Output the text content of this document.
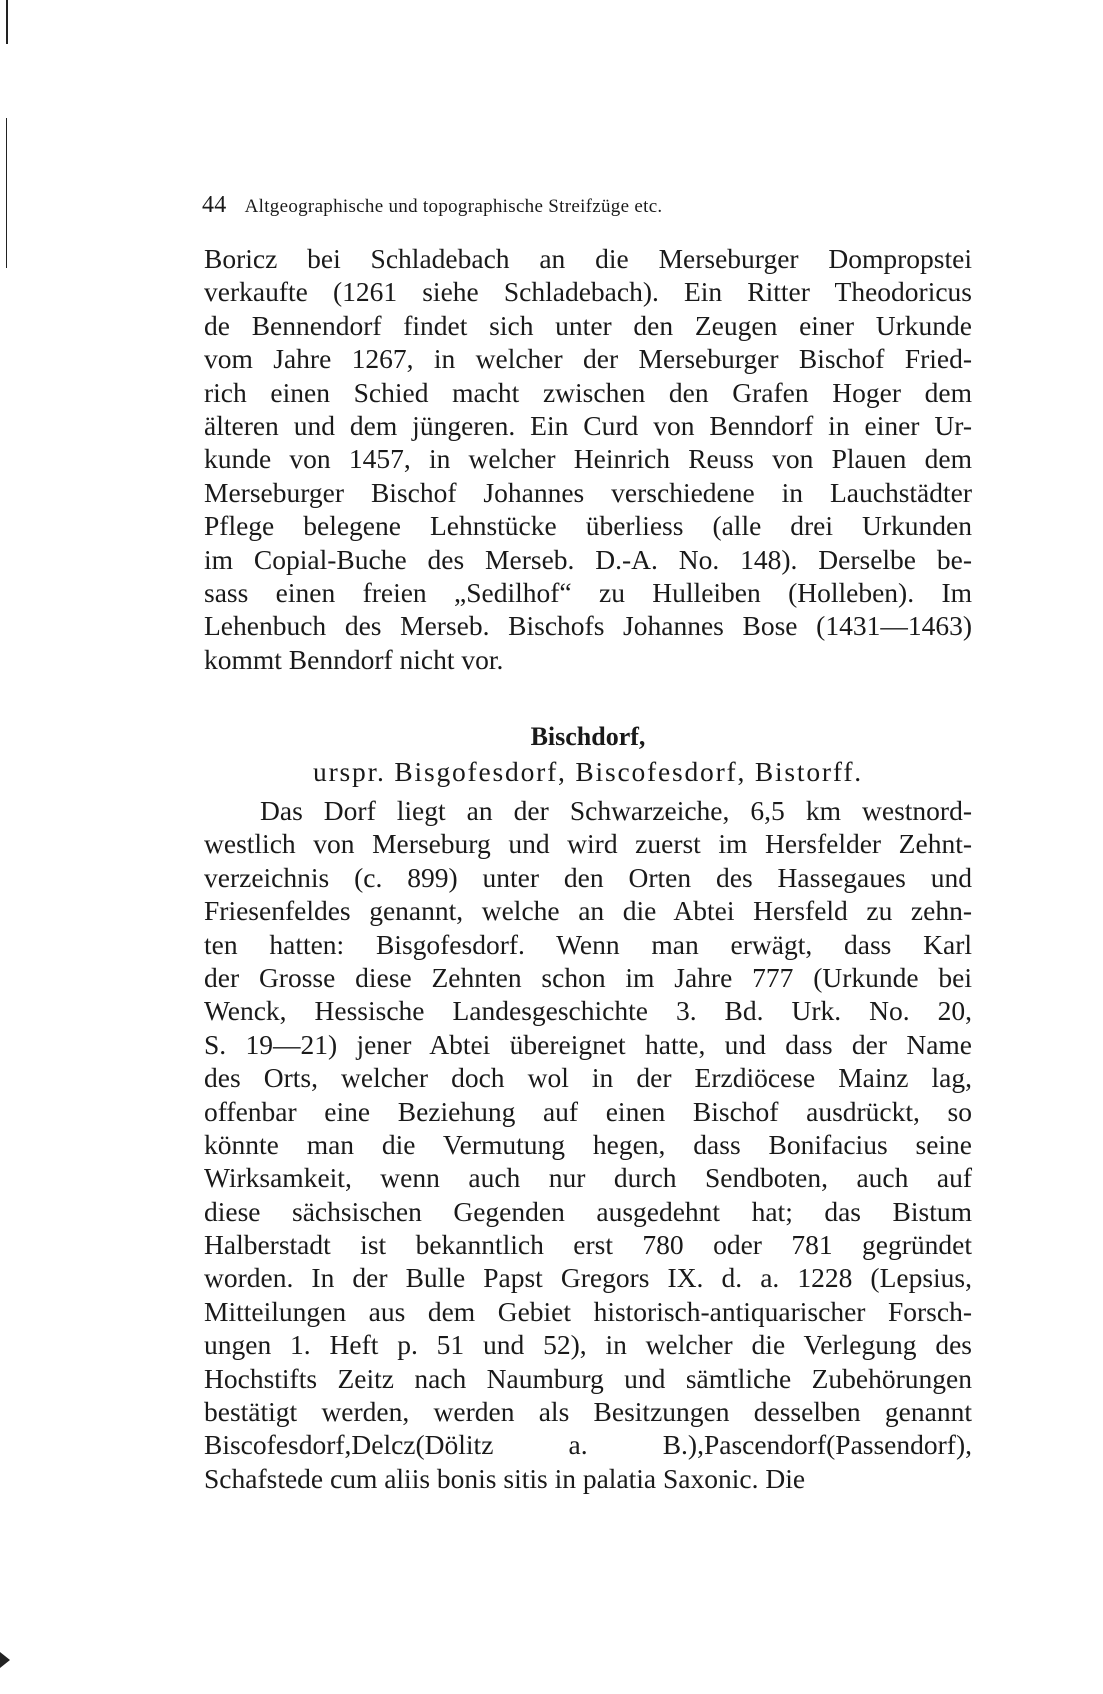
44 Altgeographische und topographische Streifzüge etc.
Boricz bei Schladebach an die Merseburger Dompropstei
verkaufte (1261 siehe Schladebach). Ein Ritter Theodoricus
de Bennendorf findet sich unter den Zeugen einer Urkunde
vom Jahre 1267, in welcher der Merseburger Bischof Fried-
rich einen Schied macht zwischen den Grafen Hoger dem
älteren und dem jüngeren. Ein Curd von Benndorf in einer Ur-
kunde von 1457, in welcher Heinrich Reuss von Plauen dem
Merseburger Bischof Johannes verschiedene in Lauchstädter
Pflege belegene Lehnstücke überliess (alle drei Urkunden
im Copial-Buche des Merseb. D.-A. No. 148). Derselbe be-
sass einen freien „Sedilhof“ zu Hulleiben (Holleben). Im
Lehenbuch des Merseb. Bischofs Johannes Bose (1431—1463)
kommt Benndorf nicht vor.
Bischdorf,
urspr. Bisgofesdorf, Biscofesdorf, Bistorff.
Das Dorf liegt an der Schwarzeiche, 6,5 km westnord-
westlich von Merseburg und wird zuerst im Hersfelder Zehnt-
verzeichnis (c. 899) unter den Orten des Hassegaues und
Friesenfeldes genannt, welche an die Abtei Hersfeld zu zehn-
ten hatten: Bisgofesdorf. Wenn man erwägt, dass Karl
der Grosse diese Zehnten schon im Jahre 777 (Urkunde bei
Wenck, Hessische Landesgeschichte 3. Bd. Urk. No. 20,
S. 19—21) jener Abtei übereignet hatte, und dass der Name
des Orts, welcher doch wol in der Erzdiöcese Mainz lag,
offenbar eine Beziehung auf einen Bischof ausdrückt, so
könnte man die Vermutung hegen, dass Bonifacius seine
Wirksamkeit, wenn auch nur durch Sendboten, auch auf
diese sächsischen Gegenden ausgedehnt hat; das Bistum
Halberstadt ist bekanntlich erst 780 oder 781 gegründet
worden. In der Bulle Papst Gregors IX. d. a. 1228 (Lepsius,
Mitteilungen aus dem Gebiet historisch-antiquarischer Forsch-
ungen 1. Heft p. 51 und 52), in welcher die Verlegung des
Hochstifts Zeitz nach Naumburg und sämtliche Zubehörungen
bestätigt werden, werden als Besitzungen desselben genannt
Biscofesdorf,Delcz(Dölitz a. B.),Pascendorf(Passendorf),
Schafstede cum aliis bonis sitis in palatia Saxonic. Die
